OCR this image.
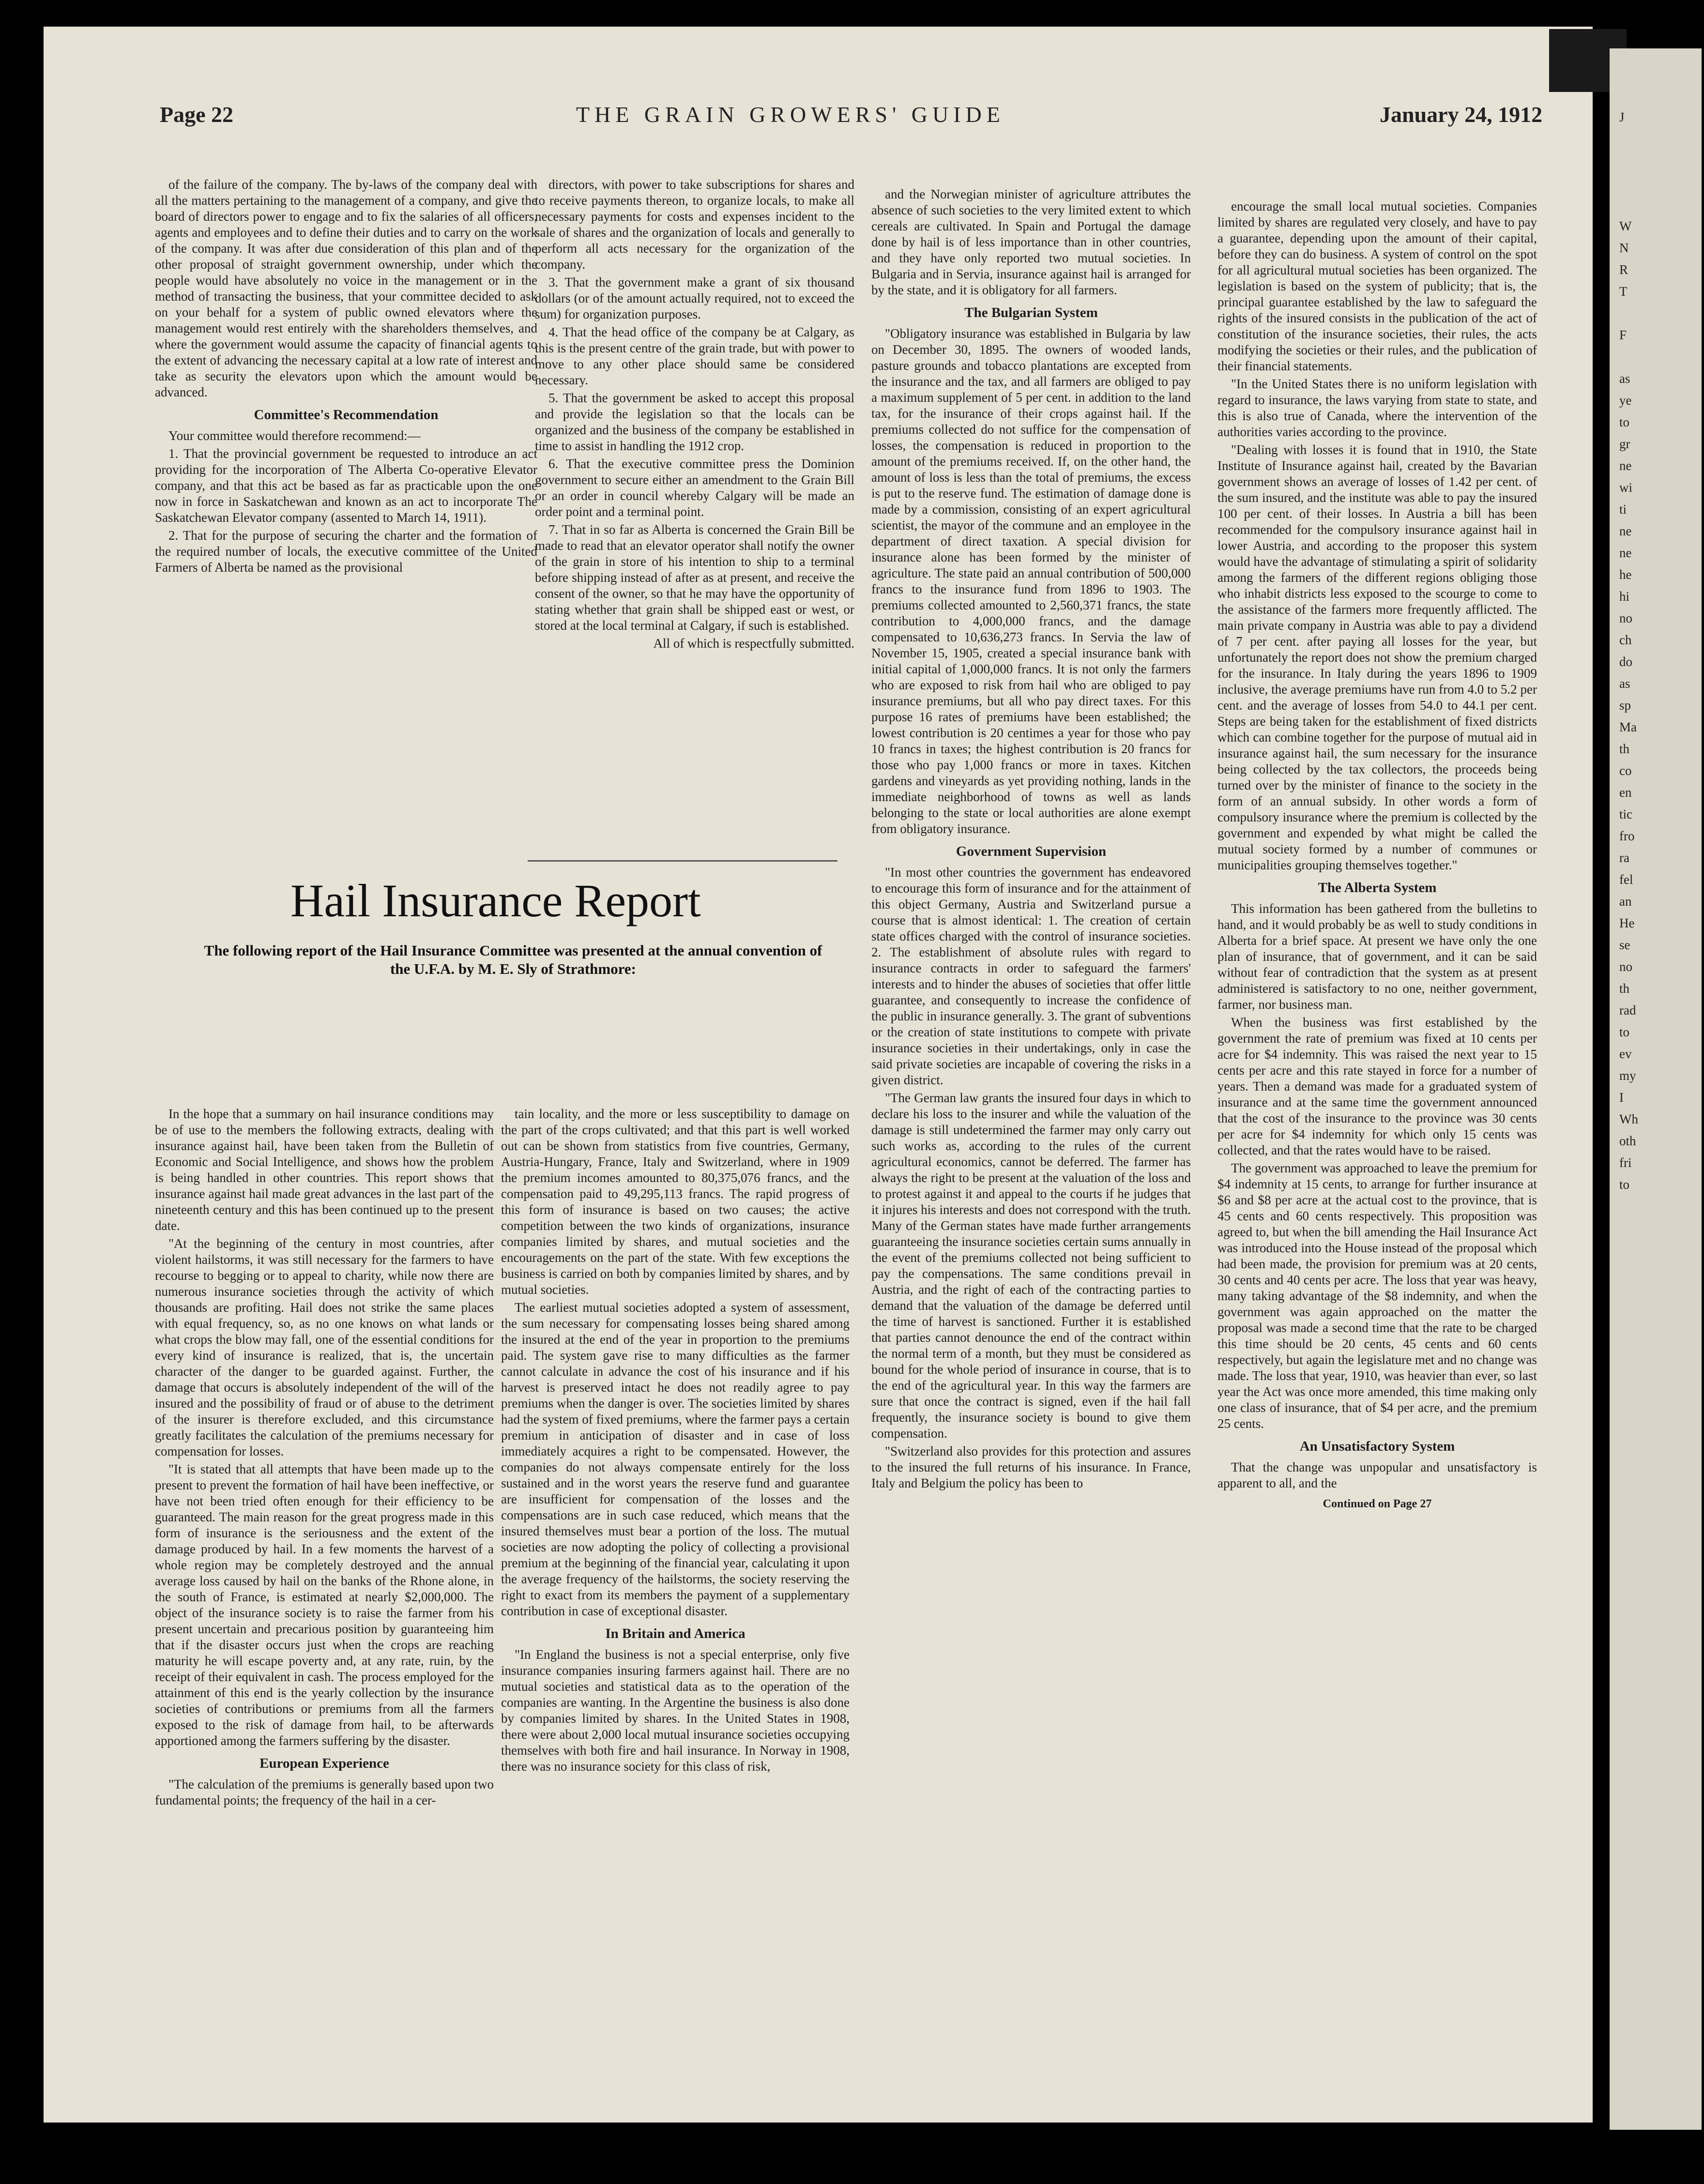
Page 22	THE GRAIN GROWERS' GUIDE	January 24, 1912

of the failure of the company. The by-laws of the company deal with all the matters pertaining to the management of a company, and give the board of directors power to engage and to fix the salaries of all officers, agents and employees and to define their duties and to carry on the work of the company. It was after due consideration of this plan and of the other proposal of straight government ownership, under which the people would have absolutely no voice in the management or in the method of transacting the business, that your committee decided to ask on your behalf for a system of public owned elevators where the management would rest entirely with the shareholders themselves, and where the government would assume the capacity of financial agents to the extent of advancing the necessary capital at a low rate of interest and take as security the elevators upon which the amount would be advanced.

Committee's Recommendation

Your committee would therefore recommend:—

1. That the provincial government be requested to introduce an act providing for the incorporation of The Alberta Co-operative Elevator company, and that this act be based as far as practicable upon the one now in force in Saskatchewan and known as an act to incorporate The Saskatchewan Elevator company (assented to March 14, 1911).

2. That for the purpose of securing the charter and the formation of the required number of locals, the executive committee of the United Farmers of Alberta be named as the provisional

directors, with power to take subscriptions for shares and to receive payments thereon, to organize locals, to make all necessary payments for costs and expenses incident to the sale of shares and the organization of locals and generally to perform all acts necessary for the organization of the company.

3. That the government make a grant of six thousand dollars (or of the amount actually required, not to exceed the sum) for organization purposes.

4. That the head office of the company be at Calgary, as this is the present centre of the grain trade, but with power to move to any other place should same be considered necessary.

5. That the government be asked to accept this proposal and provide the legislation so that the locals can be organized and the business of the company be established in time to assist in handling the 1912 crop.

6. That the executive committee press the Dominion government to secure either an amendment to the Grain Bill or an order in council whereby Calgary will be made an order point and a terminal point.

7. That in so far as Alberta is concerned the Grain Bill be made to read that an elevator operator shall notify the owner of the grain in store of his intention to ship to a terminal before shipping instead of after as at present, and receive the consent of the owner, so that he may have the opportunity of stating whether that grain shall be shipped east or west, or stored at the local terminal at Calgary, if such is established.

All of which is respectfully submitted.

and the Norwegian minister of agriculture attributes the absence of such societies to the very limited extent to which cereals are cultivated. In Spain and Portugal the damage done by hail is of less importance than in other countries, and they have only reported two mutual societies. In Bulgaria and in Servia, insurance against hail is arranged for by the state, and it is obligatory for all farmers.

The Bulgarian System

"Obligatory insurance was established in Bulgaria by law on December 30, 1895. The owners of wooded lands, pasture grounds and tobacco plantations are excepted from the insurance and the tax, and all farmers are obliged to pay a maximum supplement of 5 per cent. in addition to the land tax, for the insurance of their crops against hail. If the premiums collected do not suffice for the compensation of losses, the compensation is reduced in proportion to the amount of the premiums received. If, on the other hand, the amount of loss is less than the total of premiums, the excess is put to the reserve fund. The estimation of damage done is made by a commission, consisting of an expert agricultural scientist, the mayor of the commune and an employee in the department of direct taxation. A special division for insurance alone has been formed by the minister of agriculture. The state paid an annual contribution of 500,000 francs to the insurance fund from 1896 to 1903. The premiums collected amounted to 2,560,371 francs, the state contribution to 4,000,000 francs, and the damage compensated to 10,636,273 francs. In Servia the law of November 15, 1905, created a special insurance bank with initial capital of 1,000,000 francs. It is not only the farmers who are exposed to risk from hail who are obliged to pay insurance premiums, but all who pay direct taxes. For this purpose 16 rates of premiums have been established; the lowest contribution is 20 centimes a year for those who pay 10 francs in taxes; the highest contribution is 20 francs for those who pay 1,000 francs or more in taxes. Kitchen gardens and vineyards as yet providing nothing, lands in the immediate neighborhood of towns as well as lands belonging to the state or local authorities are alone exempt from obligatory insurance.

Government Supervision

"In most other countries the government has endeavored to encourage this form of insurance and for the attainment of this object Germany, Austria and Switzerland pursue a course that is almost identical: 1. The creation of certain state offices charged with the control of insurance societies. 2. The establishment of absolute rules with regard to insurance contracts in order to safeguard the farmers' interests and to hinder the abuses of societies that offer little guarantee, and consequently to increase the confidence of the public in insurance generally. 3. The grant of subventions or the creation of state institutions to compete with private insurance societies in their undertakings, only in case the said private societies are incapable of covering the risks in a given district.

"The German law grants the insured four days in which to declare his loss to the insurer and while the valuation of the damage is still undetermined the farmer may only carry out such works as, according to the rules of the current agricultural economics, cannot be deferred. The farmer has always the right to be present at the valuation of the loss and to protest against it and appeal to the courts if he judges that it injures his interests and does not correspond with the truth. Many of the German states have made further arrangements guaranteeing the insurance societies certain sums annually in the event of the premiums collected not being sufficient to pay the compensations. The same conditions prevail in Austria, and the right of each of the contracting parties to demand that the valuation of the damage be deferred until the time of harvest is sanctioned. Further it is established that parties cannot denounce the end of the contract within the normal term of a month, but they must be considered as bound for the whole period of insurance in course, that is to the end of the agricultural year. In this way the farmers are sure that once the contract is signed, even if the hail fall frequently, the insurance society is bound to give them compensation.

"Switzerland also provides for this protection and assures to the insured the full returns of his insurance. In France, Italy and Belgium the policy has been to

encourage the small local mutual societies. Companies limited by shares are regulated very closely, and have to pay a guarantee, depending upon the amount of their capital, before they can do business. A system of control on the spot for all agricultural mutual societies has been organized. The legislation is based on the system of publicity; that is, the principal guarantee established by the law to safeguard the rights of the insured consists in the publication of the act of constitution of the insurance societies, their rules, the acts modifying the societies or their rules, and the publication of their financial statements.

"In the United States there is no uniform legislation with regard to insurance, the laws varying from state to state, and this is also true of Canada, where the intervention of the authorities varies according to the province.

"Dealing with losses it is found that in 1910, the State Institute of Insurance against hail, created by the Bavarian government shows an average of losses of 1.42 per cent. of the sum insured, and the institute was able to pay the insured 100 per cent. of their losses. In Austria a bill has been recommended for the compulsory insurance against hail in lower Austria, and according to the proposer this system would have the advantage of stimulating a spirit of solidarity among the farmers of the different regions obliging those who inhabit districts less exposed to the scourge to come to the assistance of the farmers more frequently afflicted. The main private company in Austria was able to pay a dividend of 7 per cent. after paying all losses for the year, but unfortunately the report does not show the premium charged for the insurance. In Italy during the years 1896 to 1909 inclusive, the average premiums have run from 4.0 to 5.2 per cent. and the average of losses from 54.0 to 44.1 per cent. Steps are being taken for the establishment of fixed districts which can combine together for the purpose of mutual aid in insurance against hail, the sum necessary for the insurance being collected by the tax collectors, the proceeds being turned over by the minister of finance to the society in the form of an annual subsidy. In other words a form of compulsory insurance where the premium is collected by the government and expended by what might be called the mutual society formed by a number of communes or municipalities grouping themselves together."

The Alberta System

This information has been gathered from the bulletins to hand, and it would probably be as well to study conditions in Alberta for a brief space. At present we have only the one plan of insurance, that of government, and it can be said without fear of contradiction that the system as at present administered is satisfactory to no one, neither government, farmer, nor business man.

When the business was first established by the government the rate of premium was fixed at 10 cents per acre for $4 indemnity. This was raised the next year to 15 cents per acre and this rate stayed in force for a number of years. Then a demand was made for a graduated system of insurance and at the same time the government announced that the cost of the insurance to the province was 30 cents per acre for $4 indemnity for which only 15 cents was collected, and that the rates would have to be raised.

The government was approached to leave the premium for $4 indemnity at 15 cents, to arrange for further insurance at $6 and $8 per acre at the actual cost to the province, that is 45 cents and 60 cents respectively. This proposition was agreed to, but when the bill amending the Hail Insurance Act was introduced into the House instead of the proposal which had been made, the provision for premium was at 20 cents, 30 cents and 40 cents per acre. The loss that year was heavy, many taking advantage of the $8 indemnity, and when the government was again approached on the matter the proposal was made a second time that the rate to be charged this time should be 20 cents, 45 cents and 60 cents respectively, but again the legislature met and no change was made. The loss that year, 1910, was heavier than ever, so last year the Act was once more amended, this time making only one class of insurance, that of $4 per acre, and the premium 25 cents.

An Unsatisfactory System

That the change was unpopular and unsatisfactory is apparent to all, and the

Continued on Page 27

Hail Insurance Report
The following report of the Hail Insurance Committee was presented at the annual convention of the U.F.A. by M. E. Sly of Strathmore:

In the hope that a summary on hail insurance conditions may be of use to the members the following extracts, dealing with insurance against hail, have been taken from the Bulletin of Economic and Social Intelligence, and shows how the problem is being handled in other countries. This report shows that insurance against hail made great advances in the last part of the nineteenth century and this has been continued up to the present date.

"At the beginning of the century in most countries, after violent hailstorms, it was still necessary for the farmers to have recourse to begging or to appeal to charity, while now there are numerous insurance societies through the activity of which thousands are profiting. Hail does not strike the same places with equal frequency, so, as no one knows on what lands or what crops the blow may fall, one of the essential conditions for every kind of insurance is realized, that is, the uncertain character of the danger to be guarded against. Further, the damage that occurs is absolutely independent of the will of the insured and the possibility of fraud or of abuse to the detriment of the insurer is therefore excluded, and this circumstance greatly facilitates the calculation of the premiums necessary for compensation for losses.

"It is stated that all attempts that have been made up to the present to prevent the formation of hail have been ineffective, or have not been tried often enough for their efficiency to be guaranteed. The main reason for the great progress made in this form of insurance is the seriousness and the extent of the damage produced by hail. In a few moments the harvest of a whole region may be completely destroyed and the annual average loss caused by hail on the banks of the Rhone alone, in the south of France, is estimated at nearly $2,000,000. The object of the insurance society is to raise the farmer from his present uncertain and precarious position by guaranteeing him that if the disaster occurs just when the crops are reaching maturity he will escape poverty and, at any rate, ruin, by the receipt of their equivalent in cash. The process employed for the attainment of this end is the yearly collection by the insurance societies of contributions or premiums from all the farmers exposed to the risk of damage from hail, to be afterwards apportioned among the farmers suffering by the disaster.

European Experience

"The calculation of the premiums is generally based upon two fundamental points; the frequency of the hail in a cer-

tain locality, and the more or less susceptibility to damage on the part of the crops cultivated; and that this part is well worked out can be shown from statistics from five countries, Germany, Austria-Hungary, France, Italy and Switzerland, where in 1909 the premium incomes amounted to 80,375,076 francs, and the compensation paid to 49,295,113 francs. The rapid progress of this form of insurance is based on two causes; the active competition between the two kinds of organizations, insurance companies limited by shares, and mutual societies and the encouragements on the part of the state. With few exceptions the business is carried on both by companies limited by shares, and by mutual societies.

The earliest mutual societies adopted a system of assessment, the sum necessary for compensating losses being shared among the insured at the end of the year in proportion to the premiums paid. The system gave rise to many difficulties as the farmer cannot calculate in advance the cost of his insurance and if his harvest is preserved intact he does not readily agree to pay premiums when the danger is over. The societies limited by shares had the system of fixed premiums, where the farmer pays a certain premium in anticipation of disaster and in case of loss immediately acquires a right to be compensated. However, the companies do not always compensate entirely for the loss sustained and in the worst years the reserve fund and guarantee are insufficient for compensation of the losses and the compensations are in such case reduced, which means that the insured themselves must bear a portion of the loss. The mutual societies are now adopting the policy of collecting a provisional premium at the beginning of the financial year, calculating it upon the average frequency of the hailstorms, the society reserving the right to exact from its members the payment of a supplementary contribution in case of exceptional disaster.

In Britain and America

"In England the business is not a special enterprise, only five insurance companies insuring farmers against hail. There are no mutual societies and statistical data as to the operation of the companies are wanting. In the Argentine the business is also done by companies limited by shares. In the United States in 1908, there were about 2,000 local mutual insurance societies occupying themselves with both fire and hail insurance. In Norway in 1908, there was no insurance society for this class of risk,

J
W
N
R
T
F
as
ye
to
gr
ne
wi
ti
ne
ne
he
hi
no
ch
do
as
sp
Ma
th
co
en
tic
fro
ra
fel
an
He
se
no
th
rad
to
ev
my
I
Wh
oth
fri
to
